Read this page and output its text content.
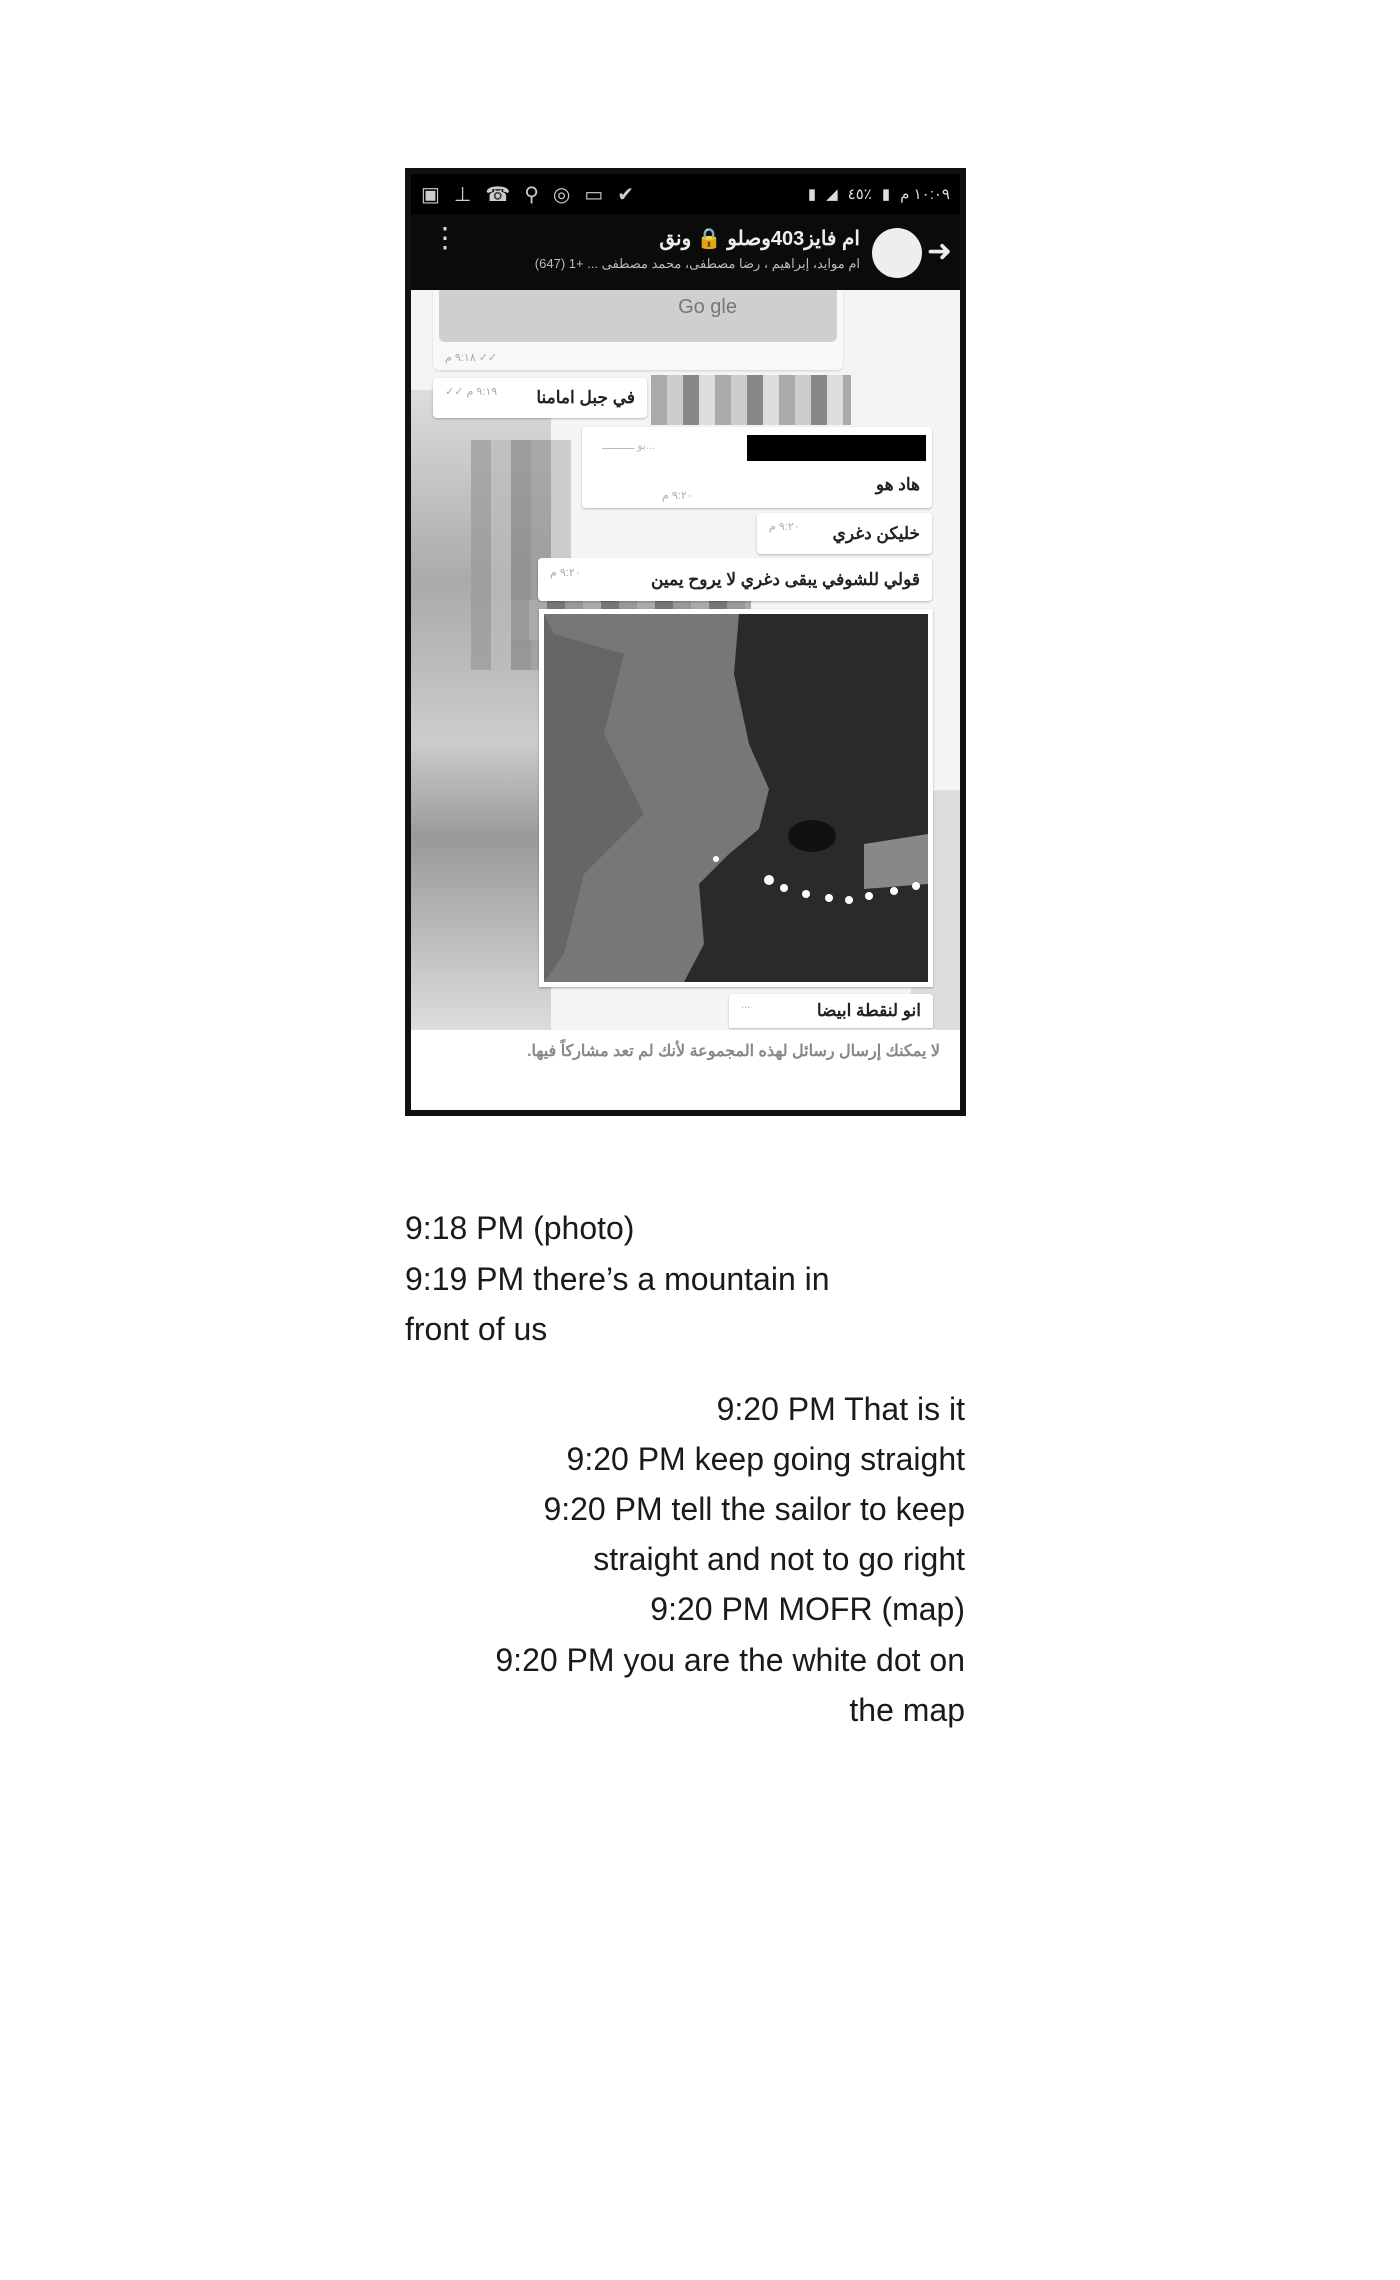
▣ ⊥ ☎ ⚲ ◎ ▭ ✔	▮ ◢ ٤٥٪ ▮ ١٠:٠٩ م
⋮	ام فايز403وصلو 🔒 ونق
ام موايد، إبراهيم ، رضا مصطفى، محمد مصطفى ... +1 (647) ➜
Go gle
٩:١٨ م ✓✓
في جبل امامنا
٩:١٩ م ✓✓
...بو ــــــــــ
هاد هو
٩:٢٠ م
خليكن دغري
٩:٢٠ م
قولي للشوفي يبقى دغري لا يروح يمين
٩:٢٠ م
انو لنقطة ابيضا
...
لا يمكنك إرسال رسائل لهذه المجموعة لأنك لم تعد مشاركاً فيها.
9:18 PM (photo)
9:19 PM there’s a mountain in
front of us
9:20 PM That is it
9:20 PM keep going straight
9:20 PM tell the sailor to keep
straight and not to go right
9:20 PM MOFR (map)
9:20 PM you are the white dot on
the map
